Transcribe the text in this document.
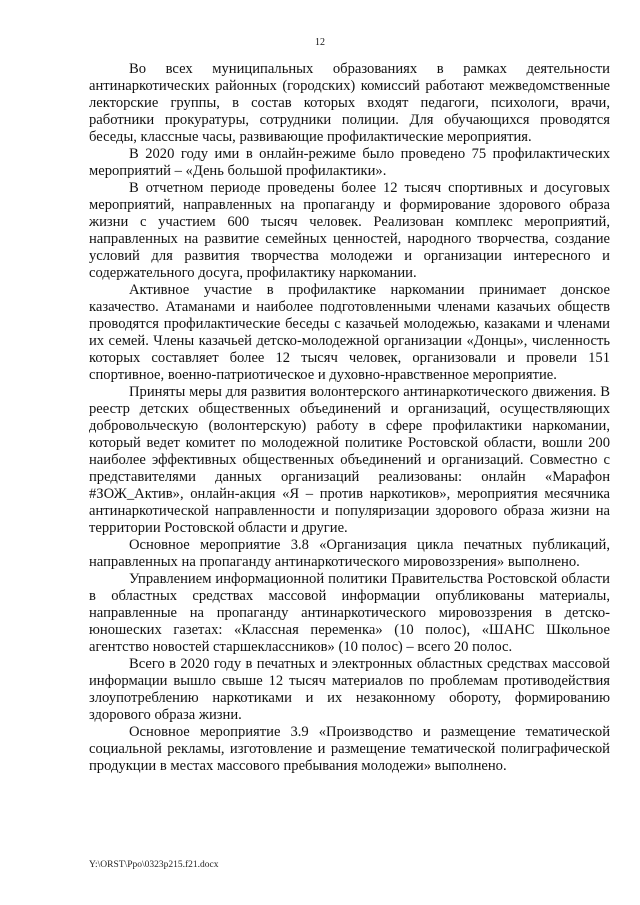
12

Во всех муниципальных образованиях в рамках деятельности антинаркотических районных (городских) комиссий работают межведомственные лекторские группы, в состав которых входят педагоги, психологи, врачи, работники прокуратуры, сотрудники полиции. Для обучающихся проводятся беседы, классные часы, развивающие профилактические мероприятия.

В 2020 году ими в онлайн-режиме было проведено 75 профилактических мероприятий – «День большой профилактики».

В отчетном периоде проведены более 12 тысяч спортивных и досуговых мероприятий, направленных на пропаганду и формирование здорового образа жизни с участием 600 тысяч человек. Реализован комплекс мероприятий, направленных на развитие семейных ценностей, народного творчества, создание условий для развития творчества молодежи и организации интересного и содержательного досуга, профилактику наркомании.

Активное участие в профилактике наркомании принимает донское казачество. Атаманами и наиболее подготовленными членами казачьих обществ проводятся профилактические беседы с казачьей молодежью, казаками и членами их семей. Члены казачьей детско-молодежной организации «Донцы», численность которых составляет более 12 тысяч человек, организовали и провели 151 спортивное, военно-патриотическое и духовно-нравственное мероприятие.

Приняты меры для развития волонтерского антинаркотического движения. В реестр детских общественных объединений и организаций, осуществляющих добровольческую (волонтерскую) работу в сфере профилактики наркомании, который ведет комитет по молодежной политике Ростовской области, вошли 200 наиболее эффективных общественных объединений и организаций. Совместно с представителями данных организаций реализованы: онлайн «Марафон #ЗОЖ_Актив», онлайн-акция «Я – против наркотиков», мероприятия месячника антинаркотической направленности и популяризации здорового образа жизни на территории Ростовской области и другие.

Основное мероприятие 3.8 «Организация цикла печатных публикаций, направленных на пропаганду антинаркотического мировоззрения» выполнено.

Управлением информационной политики Правительства Ростовской области в областных средствах массовой информации опубликованы материалы, направленные на пропаганду антинаркотического мировоззрения в детско-юношеских газетах: «Классная переменка» (10 полос), «ШАНС Школьное агентство новостей старшеклассников» (10 полос) – всего 20 полос.

Всего в 2020 году в печатных и электронных областных средствах массовой информации вышло свыше 12 тысяч материалов по проблемам противодействия злоупотреблению наркотиками и их незаконному обороту, формированию здорового образа жизни.

Основное мероприятие 3.9 «Производство и размещение тематической социальной рекламы, изготовление и размещение тематической полиграфической продукции в местах массового пребывания молодежи» выполнено.

Y:\ORST\Ppo\0323p215.f21.docx
